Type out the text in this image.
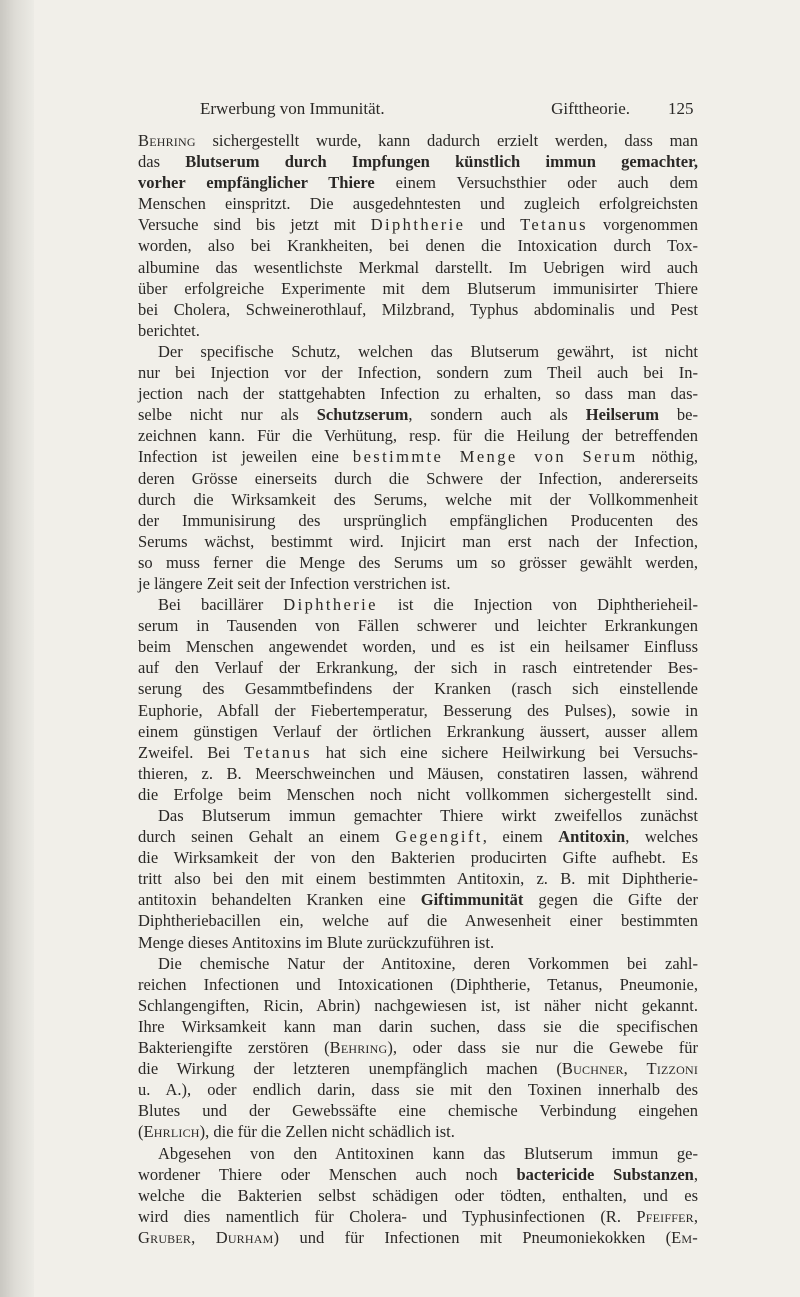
Erwerbung von Immunität.	Gifttheorie. 125
Behring sichergestellt wurde, kann dadurch erzielt werden, dass man
das Blutserum durch Impfungen künstlich immun gemachter,
vorher empfänglicher Thiere einem Versuchsthier oder auch dem
Menschen einspritzt. Die ausgedehntesten und zugleich erfolgreichsten
Versuche sind bis jetzt mit Diphtherie und Tetanus vorgenommen
worden, also bei Krankheiten, bei denen die Intoxication durch Tox-
albumine das wesentlichste Merkmal darstellt. Im Uebrigen wird auch
über erfolgreiche Experimente mit dem Blutserum immunisirter Thiere
bei Cholera, Schweinerothlauf, Milzbrand, Typhus abdominalis und Pest
berichtet.
Der specifische Schutz, welchen das Blutserum gewährt, ist nicht
nur bei Injection vor der Infection, sondern zum Theil auch bei In-
jection nach der stattgehabten Infection zu erhalten, so dass man das-
selbe nicht nur als Schutzserum, sondern auch als Heilserum be-
zeichnen kann. Für die Verhütung, resp. für die Heilung der betreffenden
Infection ist jeweilen eine bestimmte Menge von Serum nöthig,
deren Grösse einerseits durch die Schwere der Infection, andererseits
durch die Wirksamkeit des Serums, welche mit der Vollkommenheit
der Immunisirung des ursprünglich empfänglichen Producenten des
Serums wächst, bestimmt wird. Injicirt man erst nach der Infection,
so muss ferner die Menge des Serums um so grösser gewählt werden,
je längere Zeit seit der Infection verstrichen ist.
Bei bacillärer Diphtherie ist die Injection von Diphtherieheil-
serum in Tausenden von Fällen schwerer und leichter Erkrankungen
beim Menschen angewendet worden, und es ist ein heilsamer Einfluss
auf den Verlauf der Erkrankung, der sich in rasch eintretender Bes-
serung des Gesammtbefindens der Kranken (rasch sich einstellende
Euphorie, Abfall der Fiebertemperatur, Besserung des Pulses), sowie in
einem günstigen Verlauf der örtlichen Erkrankung äussert, ausser allem
Zweifel. Bei Tetanus hat sich eine sichere Heilwirkung bei Versuchs-
thieren, z. B. Meerschweinchen und Mäusen, constatiren lassen, während
die Erfolge beim Menschen noch nicht vollkommen sichergestellt sind.
Das Blutserum immun gemachter Thiere wirkt zweifellos zunächst
durch seinen Gehalt an einem Gegengift, einem Antitoxin, welches
die Wirksamkeit der von den Bakterien producirten Gifte aufhebt. Es
tritt also bei den mit einem bestimmten Antitoxin, z. B. mit Diphtherie-
antitoxin behandelten Kranken eine Giftimmunität gegen die Gifte der
Diphtheriebacillen ein, welche auf die Anwesenheit einer bestimmten
Menge dieses Antitoxins im Blute zurückzuführen ist.
Die chemische Natur der Antitoxine, deren Vorkommen bei zahl-
reichen Infectionen und Intoxicationen (Diphtherie, Tetanus, Pneumonie,
Schlangengiften, Ricin, Abrin) nachgewiesen ist, ist näher nicht gekannt.
Ihre Wirksamkeit kann man darin suchen, dass sie die specifischen
Bakteriengifte zerstören (Behring), oder dass sie nur die Gewebe für
die Wirkung der letzteren unempfänglich machen (Buchner, Tizzoni
u. A.), oder endlich darin, dass sie mit den Toxinen innerhalb des
Blutes und der Gewebssäfte eine chemische Verbindung eingehen
(Ehrlich), die für die Zellen nicht schädlich ist.
Abgesehen von den Antitoxinen kann das Blutserum immun ge-
wordener Thiere oder Menschen auch noch bactericide Substanzen,
welche die Bakterien selbst schädigen oder tödten, enthalten, und es
wird dies namentlich für Cholera- und Typhusinfectionen (R. Pfeiffer,
Gruber, Durham) und für Infectionen mit Pneumoniekokken (Em-
